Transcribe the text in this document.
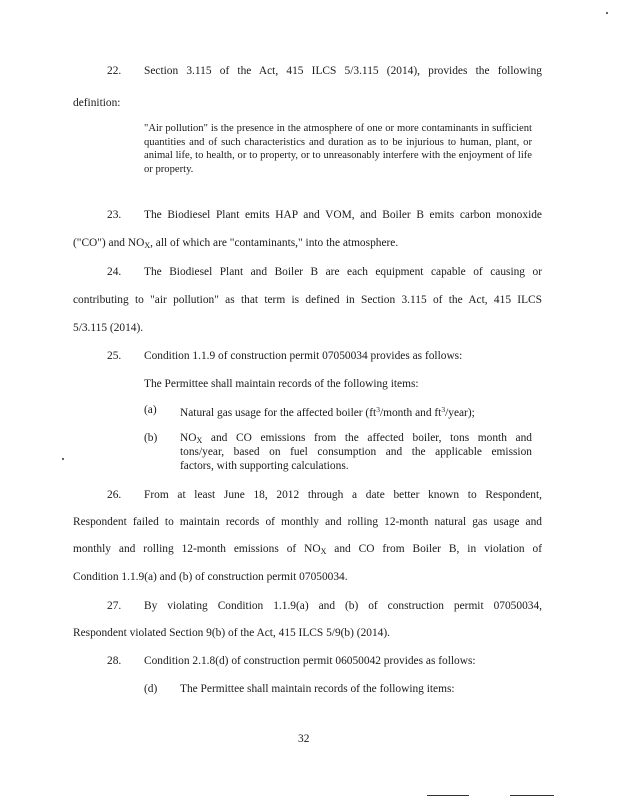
22. Section 3.115 of the Act, 415 ILCS 5/3.115 (2014), provides the following
definition:
"Air pollution" is the presence in the atmosphere of one or more contaminants in sufficient quantities and of such characteristics and duration as to be injurious to human, plant, or animal life, to health, or to property, or to unreasonably interfere with the enjoyment of life or property.
23. The Biodiesel Plant emits HAP and VOM, and Boiler B emits carbon monoxide
("CO") and $NO_X$, all of which are "contaminants," into the atmosphere.
24. The Biodiesel Plant and Boiler B are each equipment capable of causing or
contributing to "air pollution" as that term is defined in Section 3.115 of the Act, 415 ILCS
5/3.115 (2014).
25. Condition 1.1.9 of construction permit 07050034 provides as follows:
The Permittee shall maintain records of the following items:
(a) Natural gas usage for the affected boiler ($ft^3$/month and $ft^3/year$);
(b) $NO_X$ and CO emissions from the affected boiler, tons month and
tons/year, based on fuel consumption and the applicable emission
factors, with supporting calculations.
26. From at least June 18, 2012 through a date better known to Respondent,
Respondent failed to maintain records of monthly and rolling 12-month natural gas usage and
monthly and rolling 12-month emissions of $NO_X$ and CO from Boiler B, in violation of
Condition 1.1.9(a) and (b) of construction permit 07050034.
27. By violating Condition 1.1.9(a) and (b) of construction permit 07050034,
Respondent violated Section 9(b) of the Act, 415 ILCS 5/9(b) (2014).
28. Condition 2.1.8(d) of construction permit 06050042 provides as follows:
(d) The Permittee shall maintain records of the following items:
32
